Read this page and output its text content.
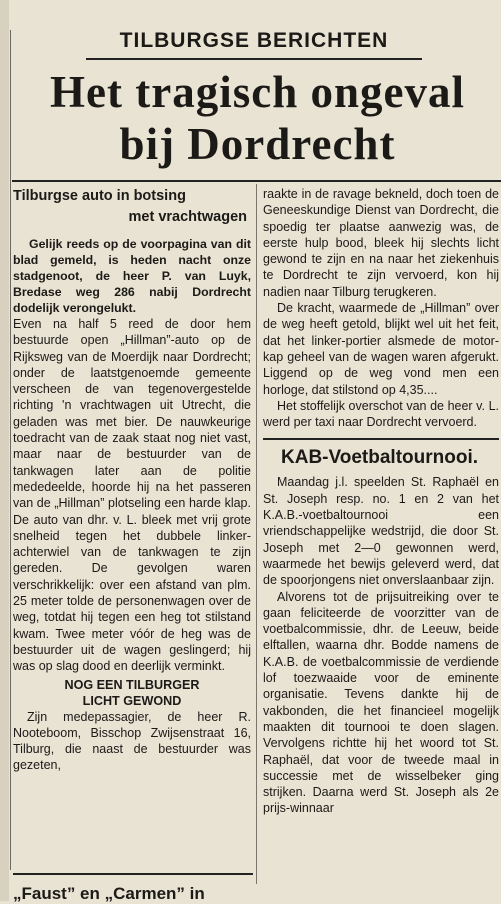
TILBURGSE BERICHTEN
Het tragisch ongeval
bij Dordrecht
Tilburgse auto in botsing
met vrachtwagen

Gelijk reeds op de voorpagina van dit blad gemeld, is heden nacht onze stadgenoot, de heer P. van Luyk, Bredase weg 286 nabij Dordrecht dodelijk verongelukt.

Even na half 5 reed de door hem bestuurde open „Hillman”-auto op de Rijksweg van de Moerdijk naar Dordrecht; onder de laatstgenoemde gemeente verscheen de van tegenovergestelde richting 'n vrachtwagen uit Utrecht, die geladen was met bier. De nauwkeurige toedracht van de zaak staat nog niet vast, maar naar de bestuurder van de tankwagen later aan de politie mededeelde, hoorde hij na het passeren van de „Hillman” plotseling een harde klap. De auto van dhr. v. L. bleek met vrij grote snelheid tegen het dubbele linker-achterwiel van de tankwagen te zijn gereden. De gevolgen waren verschrikkelijk: over een afstand van plm. 25 meter tolde de personenwagen over de weg, totdat hij tegen een heg tot stilstand kwam. Twee meter vóór de heg was de bestuurder uit de wagen geslingerd; hij was op slag dood en deerlijk verminkt.

NOG EEN TILBURGER
LICHT GEWOND

Zijn medepassagier, de heer R. Nooteboom, Bisschop Zwijsenstraat 16, Tilburg, die naast de bestuurder was gezeten,

„Faust” en „Carmen” in

raakte in de ravage bekneld, doch toen de Geneeskundige Dienst van Dordrecht, die spoedig ter plaatse aanwezig was, de eerste hulp bood, bleek hij slechts licht gewond te zijn en na naar het ziekenhuis te Dordrecht te zijn vervoerd, kon hij nadien naar Tilburg terugkeren.

De kracht, waarmede de „Hillman” over de weg heeft getold, blijkt wel uit het feit, dat het linker-portier alsmede de motor-kap geheel van de wagen waren afgerukt. Liggend op de weg vond men een horloge, dat stilstond op 4,35....

Het stoffelijk overschot van de heer v. L. werd per taxi naar Dordrecht vervoerd.

KAB-Voetbaltournooi.

Maandag j.l. speelden St. Raphaël en St. Joseph resp. no. 1 en 2 van het K.A.B.-voetbaltournooi een vriendschappelijke wedstrijd, die door St. Joseph met 2—0 gewonnen werd, waarmede het bewijs geleverd werd, dat de spoorjongens niet onverslaanbaar zijn.

Alvorens tot de prijsuitreiking over te gaan feliciteerde de voorzitter van de voetbalcommissie, dhr. de Leeuw, beide elftallen, waarna dhr. Bodde namens de K.A.B. de voetbalcommissie de verdiende lof toezwaaide voor de eminente organisatie. Tevens dankte hij de vakbonden, die het financieel mogelijk maakten dit tournooi te doen slagen. Vervolgens richtte hij het woord tot St. Raphaël, dat voor de tweede maal in successie met de wisselbeker ging strijken. Daarna werd St. Joseph als 2e prijs-winnaar
